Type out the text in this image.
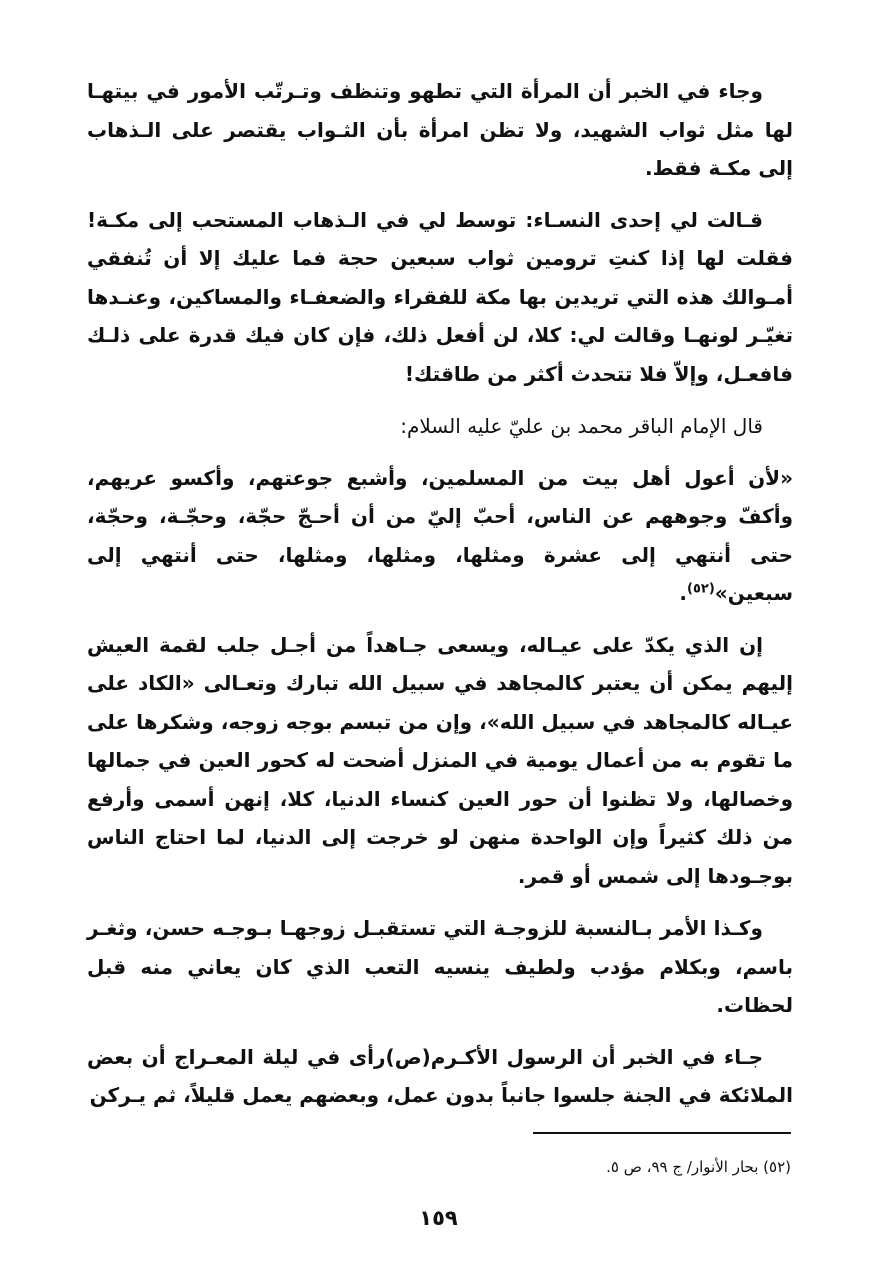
وجاء في الخبر أن المرأة التي تطهو وتنظف وتـرتّب الأمور في بيتهـا لها مثل ثواب الشهيد، ولا تظن امرأة بأن الثـواب يقتصر على الـذهاب إلى مكـة فقط.

قـالت لي إحدى النسـاء: توسط لي في الـذهاب المستحب إلى مكـة! فقلت لها إذا كنتِ ترومين ثواب سبعين حجة فما عليك إلا أن تُنفقي أمـوالك هذه التي تريدين بها مكة للفقراء والضعفـاء والمساكين، وعنـدها تغيّـر لونهـا وقالت لي: كلا، لن أفعل ذلك، فإن كان فيك قدرة على ذلـك فافعـل، وإلاّ فلا تتحدث أكثر من طاقتك!

قال الإمام الباقر محمد بن عليّ عليه السلام:

«لأن أعول أهل بيت من المسلمين، وأشبع جوعتهم، وأكسو عريهم، وأكفّ وجوههم عن الناس، أحبّ إليّ من أن أحـجّ حجّة، وحجّـة، وحجّة، حتى أنتهي إلى عشرة ومثلها، ومثلها، ومثلها، حتى أنتهي إلى سبعين»$^{(٥٢)}$.

إن الذي يكدّ على عيـاله، ويسعى جـاهداً من أجـل جلب لقمة العيش إليهم يمكن أن يعتبر كالمجاهد في سبيل الله تبارك وتعـالى «الكاد على عيـاله كالمجاهد في سبيل الله»، وإن من تبسم بوجه زوجه، وشكرها على ما تقوم به من أعمال يومية في المنزل أضحت له كحور العين في جمالها وخصالها، ولا تظنوا أن حور العين كنساء الدنيا، كلا، إنهن أسمى وأرفع من ذلك كثيراً وإن الواحدة منهن لو خرجت إلى الدنيا، لما احتاج الناس بوجـودها إلى شمس أو قمر.

وكـذا الأمر بـالنسبة للزوجـة التي تستقبـل زوجهـا بـوجـه حسن، وثغـر باسم، وبكلام مؤدب ولطيف ينسيه التعب الذي كان يعاني منه قبل لحظات.

جـاء في الخبر أن الرسول الأكـرم(ص)رأى في ليلة المعـراج أن بعض الملائكة في الجنة جلسوا جانباً بدون عمل، وبعضهم يعمل قليلاً، ثم يـركن

(٥٢) بحار الأنوار/ ج ٩٩، ص ٥.

١٥٩
